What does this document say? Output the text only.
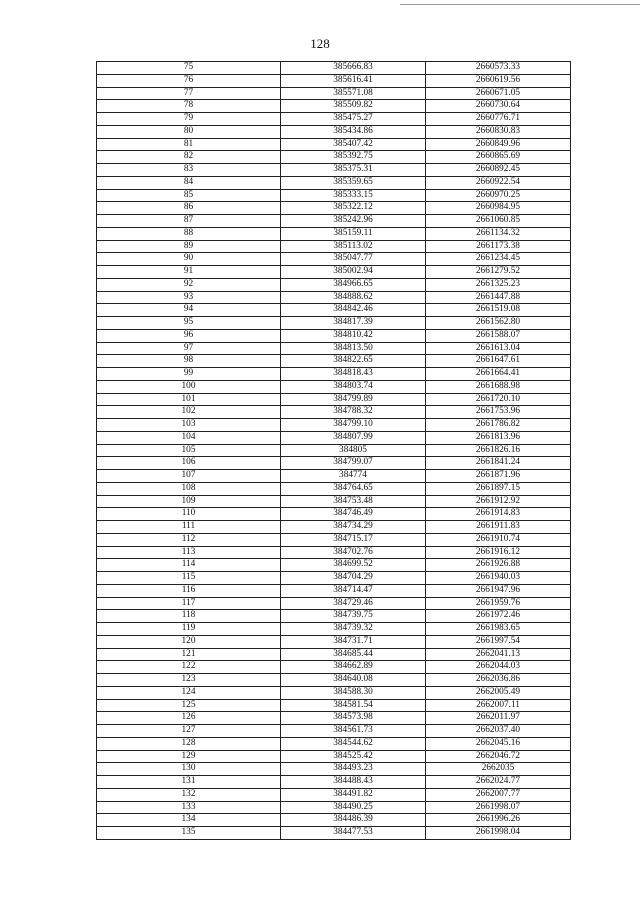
128
75	385666.83	2660573.33
76	385616.41	2660619.56
77	385571.08	2660671.05
78	385509.82	2660730.64
79	385475.27	2660776.71
80	385434.86	2660830.83
81	385407.42	2660849.96
82	385392.75	2660865.69
83	385375.31	2660892.45
84	385359.65	2660922.54
85	385333.15	2660970.25
86	385322.12	2660984.95
87	385242.96	2661060.85
88	385159.11	2661134.32
89	385113.02	2661173.38
90	385047.77	2661234.45
91	385002.94	2661279.52
92	384966.65	2661325.23
93	384888.62	2661447.88
94	384842.46	2661519.08
95	384817.39	2661562.80
96	384810.42	2661588.07
97	384813.50	2661613.04
98	384822.65	2661647.61
99	384818.43	2661664.41
100	384803.74	2661688.98
101	384799.89	2661720.10
102	384788.32	2661753.96
103	384799.10	2661786.82
104	384807.99	2661813.96
105	384805	2661826.16
106	384799.07	2661841.24
107	384774	2661871.96
108	384764.65	2661897.15
109	384753.48	2661912.92
110	384746.49	2661914.83
111	384734.29	2661911.83
112	384715.17	2661910.74
113	384702.76	2661916.12
114	384699.52	2661926.88
115	384704.29	2661940.03
116	384714.47	2661947.96
117	384729.46	2661959.76
118	384739.75	2661972.46
119	384739.32	2661983.65
120	384731.71	2661997.54
121	384685.44	2662041.13
122	384662.89	2662044.03
123	384640.08	2662036.86
124	384588.30	2662005.49
125	384581.54	2662007.11
126	384573.98	2662011.97
127	384561.73	2662037.40
128	384544.62	2662045.16
129	384525.42	2662046.72
130	384493.23	2662035
131	384488.43	2662024.77
132	384491.82	2662007.77
133	384490.25	2661998.07
134	384486.39	2661996.26
135	384477.53	2661998.04
